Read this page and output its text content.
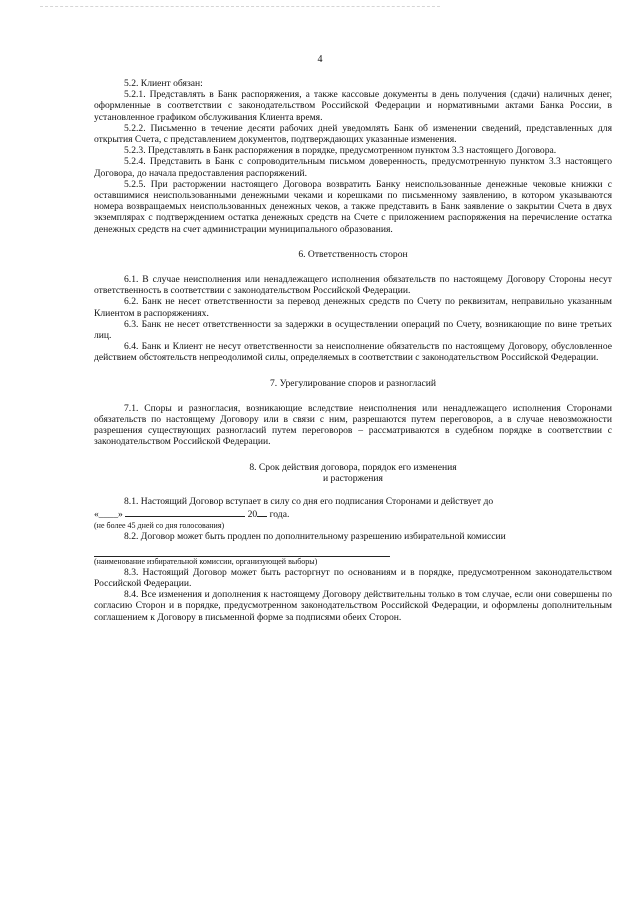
4

5.2. Клиент обязан:

5.2.1. Представлять в Банк распоряжения, а также кассовые документы в день получения (сдачи) наличных денег, оформленные в соответствии с законодательством Российской Федерации и нормативными актами Банка России, в установленное графиком обслуживания Клиента время.

5.2.2. Письменно в течение десяти рабочих дней уведомлять Банк об изменении сведений, представленных для открытия Счета, с представлением документов, подтверждающих указанные изменения.

5.2.3. Представлять в Банк распоряжения в порядке, предусмотренном пунктом 3.3 настоящего Договора.

5.2.4. Представить в Банк с сопроводительным письмом доверенность, предусмотренную пунктом 3.3 настоящего Договора, до начала предоставления распоряжений.

5.2.5. При расторжении настоящего Договора возвратить Банку неиспользованные денежные чековые книжки с оставшимися неиспользованными денежными чеками и корешками по письменному заявлению, в котором указываются номера возвращаемых неиспользованных денежных чеков, а также представить в Банк заявление о закрытии Счета в двух экземплярах с подтверждением остатка денежных средств на Счете с приложением распоряжения на перечисление остатка денежных средств на счет администрации муниципального образования.

6. Ответственность сторон

6.1. В случае неисполнения или ненадлежащего исполнения обязательств по настоящему Договору Стороны несут ответственность в соответствии с законодательством Российской Федерации.

6.2. Банк не несет ответственности за перевод денежных средств по Счету по реквизитам, неправильно указанным Клиентом в распоряжениях.

6.3. Банк не несет ответственности за задержки в осуществлении операций по Счету, возникающие по вине третьих лиц.

6.4. Банк и Клиент не несут ответственности за неисполнение обязательств по настоящему Договору, обусловленное действием обстоятельств непреодолимой силы, определяемых в соответствии с законодательством Российской Федерации.

7. Урегулирование споров и разногласий

7.1. Споры и разногласия, возникающие вследствие неисполнения или ненадлежащего исполнения Сторонами обязательств по настоящему Договору или в связи с ним, разрешаются путем переговоров, а в случае невозможности разрешения существующих разногласий путем переговоров – рассматриваются в судебном порядке в соответствии с законодательством Российской Федерации.

8. Срок действия договора, порядок его изменения
и расторжения

8.1. Настоящий Договор вступает в силу со дня его подписания Сторонами и действует до

«____»	20 года.

(не более 45 дней со дня голосования)

8.2. Договор может быть продлен по дополнительному разрешению избирательной комиссии

(наименование избирательной комиссии, организующей выборы)

8.3. Настоящий Договор может быть расторгнут по основаниям и в порядке, предусмотренном законодательством Российской Федерации.

8.4. Все изменения и дополнения к настоящему Договору действительны только в том случае, если они совершены по согласию Сторон и в порядке, предусмотренном законодательством Российской Федерации, и оформлены дополнительным соглашением к Договору в письменной форме за подписями обеих Сторон.
